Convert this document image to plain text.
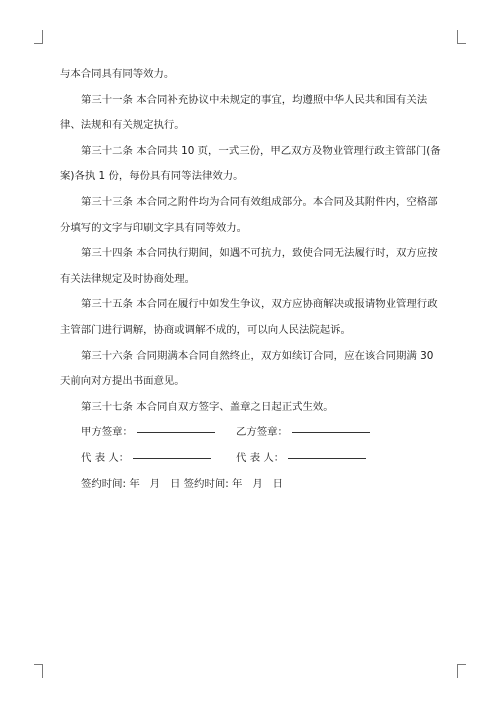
与本合同具有同等效力。

第三十一条 本合同补充协议中未规定的事宜，均遵照中华人民共和国有关法律、法规和有关规定执行。

第三十二条 本合同共 10 页，一式三份，甲乙双方及物业管理行政主管部门(备案)各执 1 份，每份具有同等法律效力。

第三十三条 本合同之附件均为合同有效组成部分。本合同及其附件内，空格部分填写的文字与印刷文字具有同等效力。

第三十四条 本合同执行期间，如遇不可抗力，致使合同无法履行时，双方应按有关法律规定及时协商处理。

第三十五条 本合同在履行中如发生争议，双方应协商解决或报请物业管理行政主管部门进行调解，协商或调解不成的，可以向人民法院起诉。

第三十六条 合同期满本合同自然终止，双方如续订合同，应在该合同期满 30 天前向对方提出书面意见。

第三十七条 本合同自双方签字、盖章之日起正式生效。

甲方签章：	乙方签章：
代 表 人：	代 表 人：
签约时间: 年   月   日 签约时间: 年   月   日
